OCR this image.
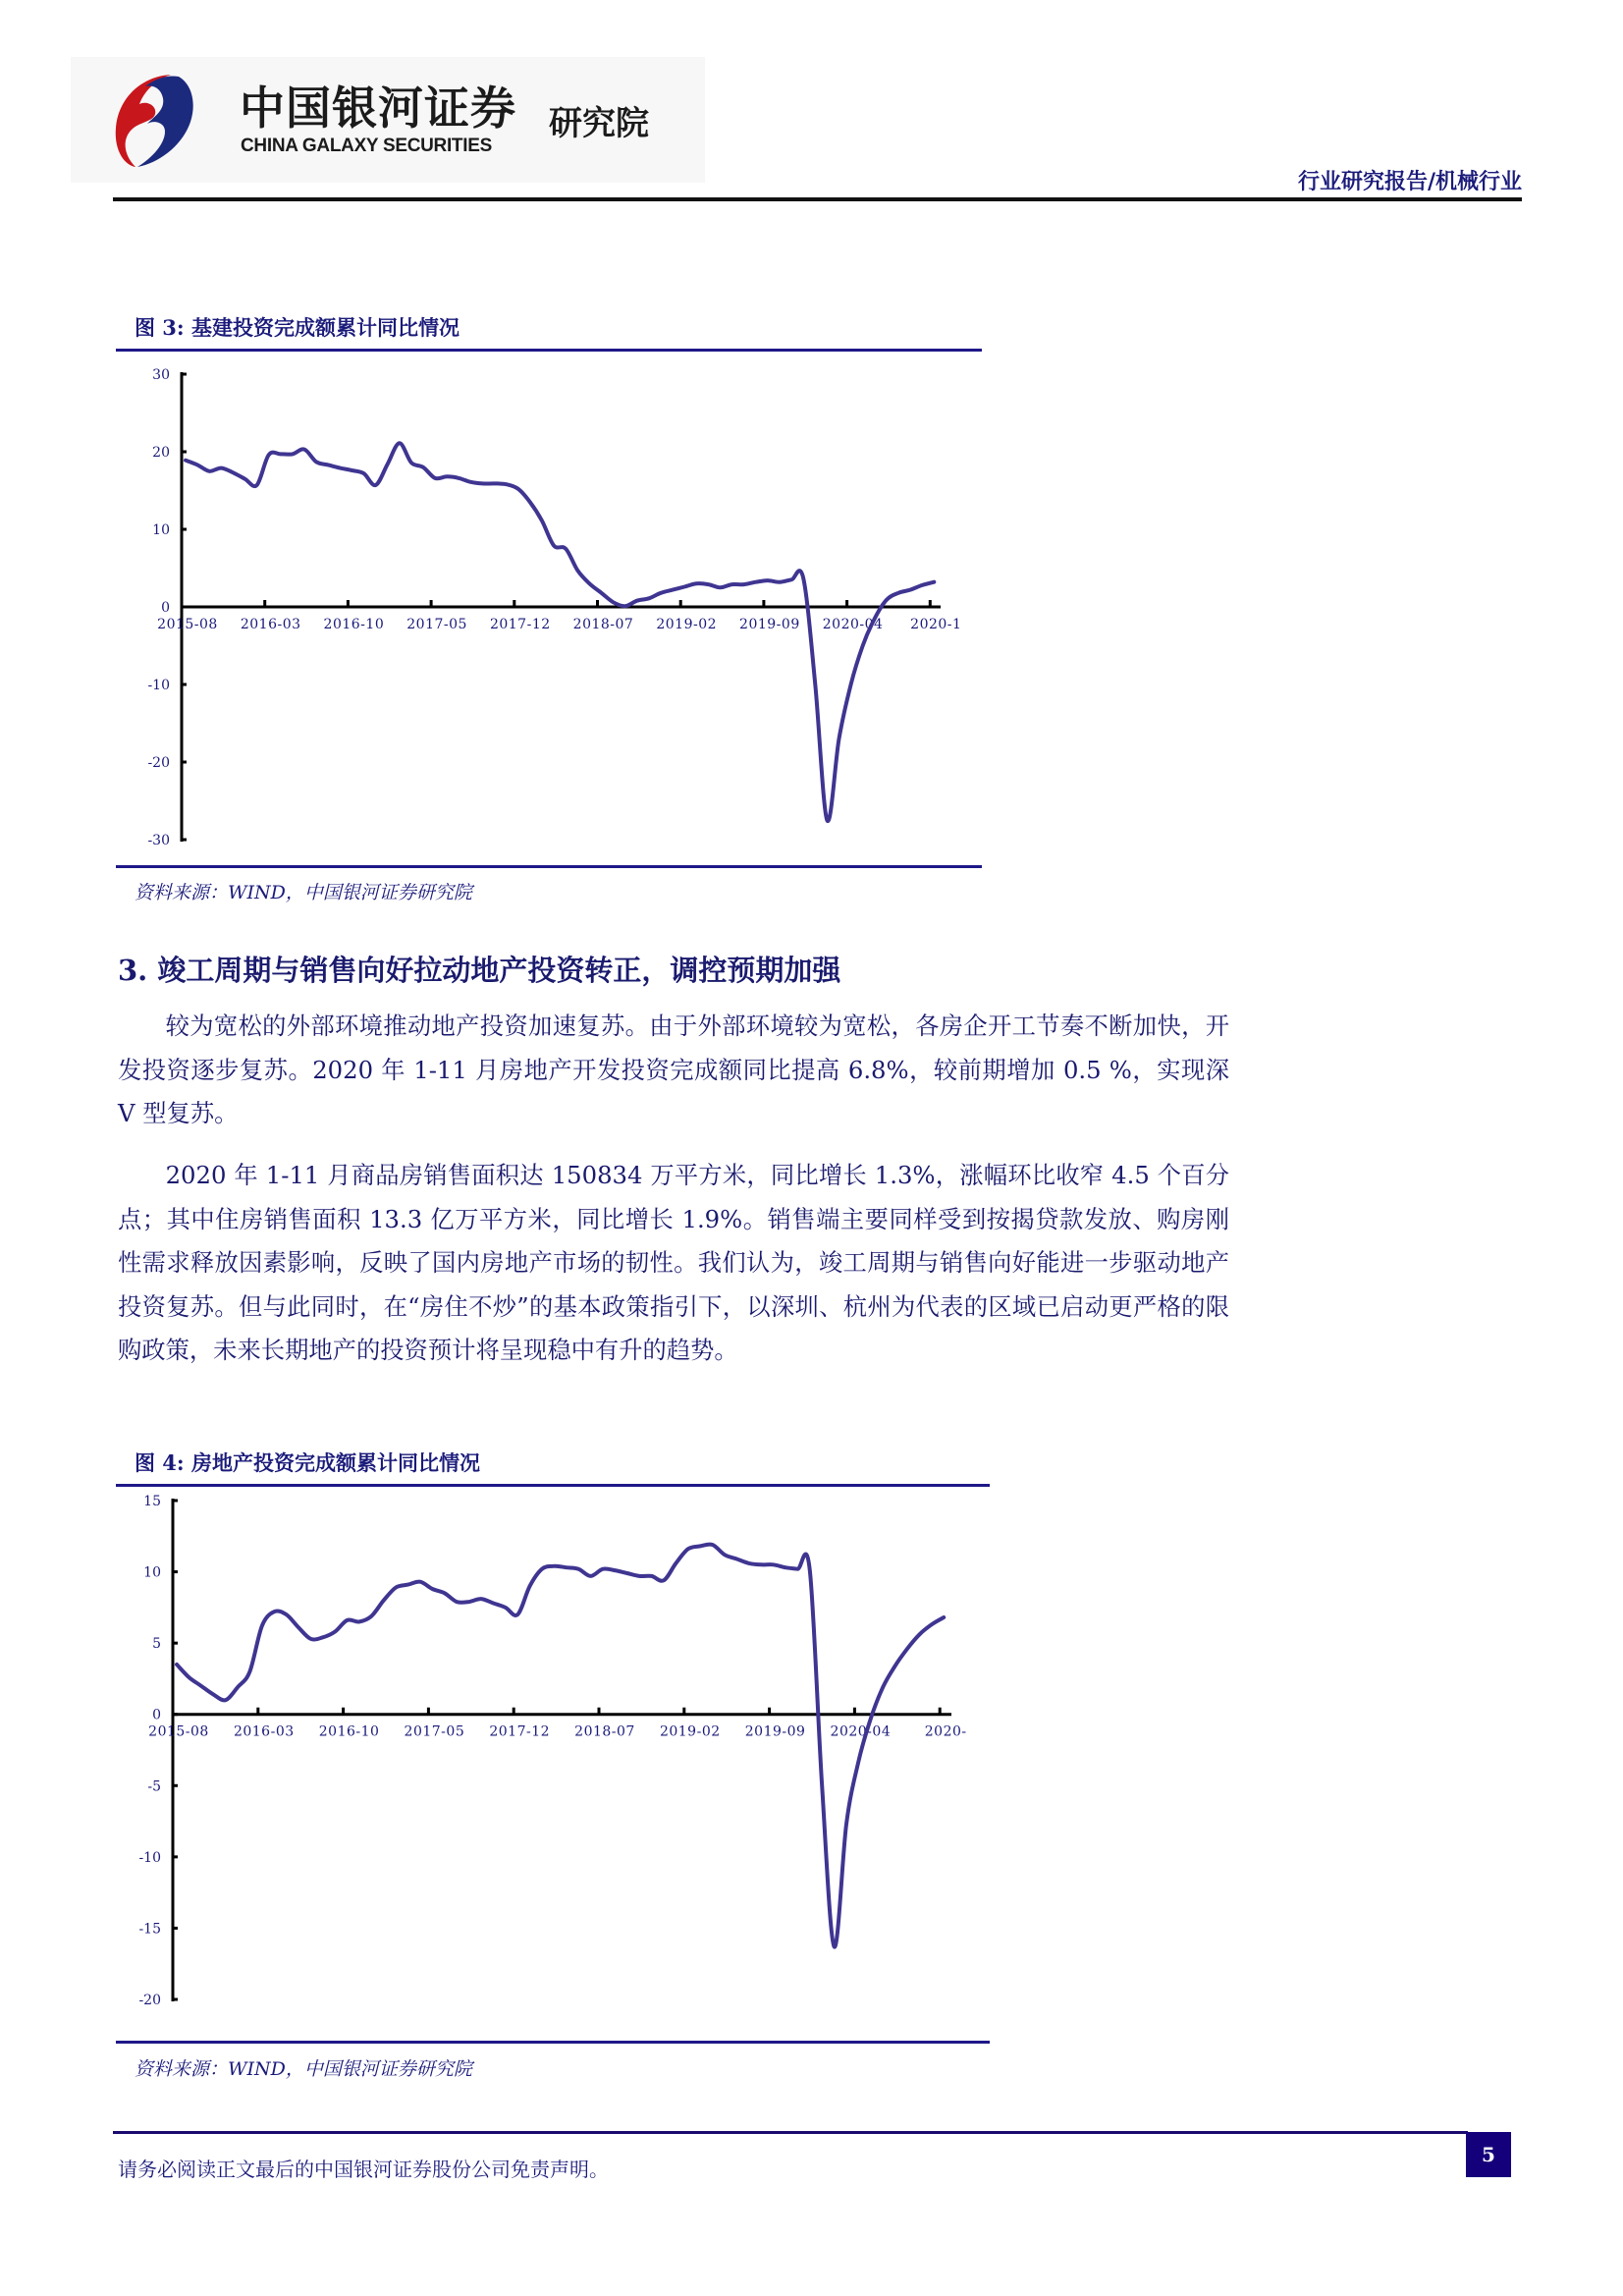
中国银河证券
CHINA GALAXY SECURITIES
研究院
行业研究报告/机械行业
图 3: 基建投资完成额累计同比情况
30
20
10
0
-10
-20
-30
2015-08 2016-03 2016-10 2017-05 2017-12 2018-07 2019-02 2019-09 2020-04 2020-1
资料来源：WIND，中国银河证券研究院
3. 竣工周期与销售向好拉动地产投资转正，调控预期加强
较为宽松的外部环境推动地产投资加速复苏。由于外部环境较为宽松，各房企开工节奏不断加快，开发投资逐步复苏。2020 年 1-11 月房地产开发投资完成额同比提高 6.8%，较前期增加 0.5 %，实现深 V 型复苏。
2020 年 1-11 月商品房销售面积达 150834 万平方米，同比增长 1.3%，涨幅环比收窄 4.5 个百分点；其中住房销售面积 13.3 亿万平方米，同比增长 1.9%。销售端主要同样受到按揭贷款发放、购房刚性需求释放因素影响，反映了国内房地产市场的韧性。我们认为，竣工周期与销售向好能进一步驱动地产投资复苏。但与此同时，在“房住不炒”的基本政策指引下，以深圳、杭州为代表的区域已启动更严格的限购政策，未来长期地产的投资预计将呈现稳中有升的趋势。
图 4: 房地产投资完成额累计同比情况
15
10
5
0
-5
-10
-15
-20
2015-08 2016-03 2016-10 2017-05 2017-12 2018-07 2019-02 2019-09 2020-04 2020-
资料来源：WIND，中国银河证券研究院
请务必阅读正文最后的中国银河证券股份公司免责声明。
5
